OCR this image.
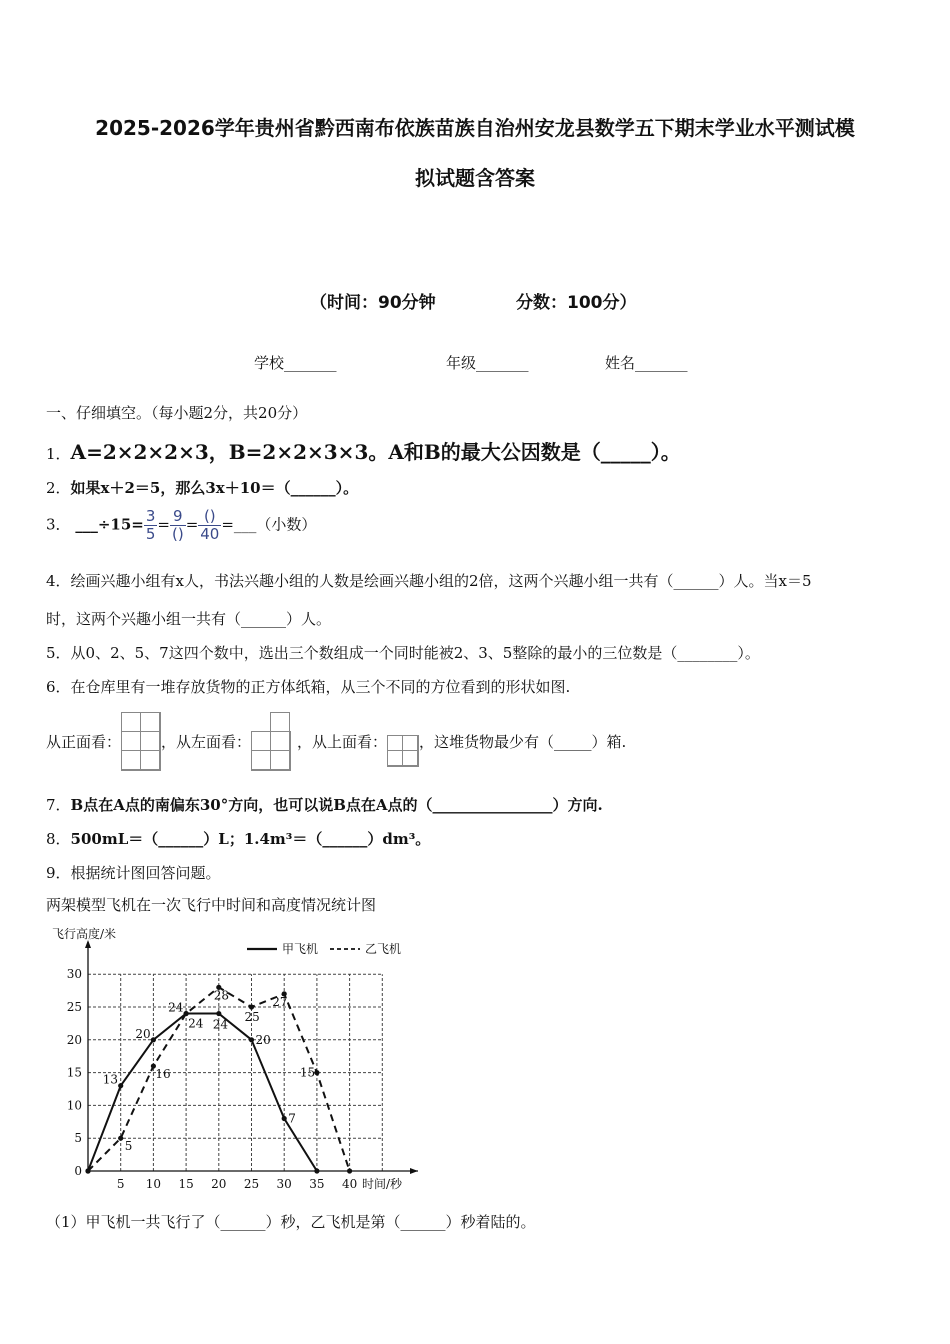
2025-2026学年贵州省黔西南布依族苗族自治州安龙县数学五下期末学业水平测试模
拟试题含答案
（时间：90分钟	分数：100分）
学校_______	年级_______	姓名_______
一、仔细填空。（每小题2分，共20分）
1．A=2×2×2×3，B=2×2×3×3。A和B的最大公因数是（_____）。
2．如果x＋2＝5，那么3x＋10＝（______）。
3． ___÷15= $\frac{3}{5} = \frac{9}{()} = \frac{()}{40}$ =___（小数）
4．绘画兴趣小组有x人，书法兴趣小组的人数是绘画兴趣小组的2倍，这两个兴趣小组一共有（______）人。当x＝5
时，这两个兴趣小组一共有（______）人。
5．从0、2、5、7这四个数中，选出三个数组成一个同时能被2、3、5整除的最小的三位数是（________）。
6．在仓库里有一堆存放货物的正方体纸箱，从三个不同的方位看到的形状如图.
从正面看：	，从左面看：	，从上面看： ，这堆货物最少有（_____）箱.
7．B点在A点的南偏东30°方向，也可以说B点在A点的（________________）方向.
8．500mL＝（______）L；1.4m³＝（______）dm³。
9．根据统计图回答问题。
两架模型飞机在一次飞行中时间和高度情况统计图
飞行高度/米
时间/秒
5 10 15 20 25 30 35 40
0
5
10
15
20
25
30
甲飞机	乙飞机
13
20
24
24
20
7
5
16
24
28
25
27
15
（1）甲飞机一共飞行了（______）秒，乙飞机是第（______）秒着陆的。
